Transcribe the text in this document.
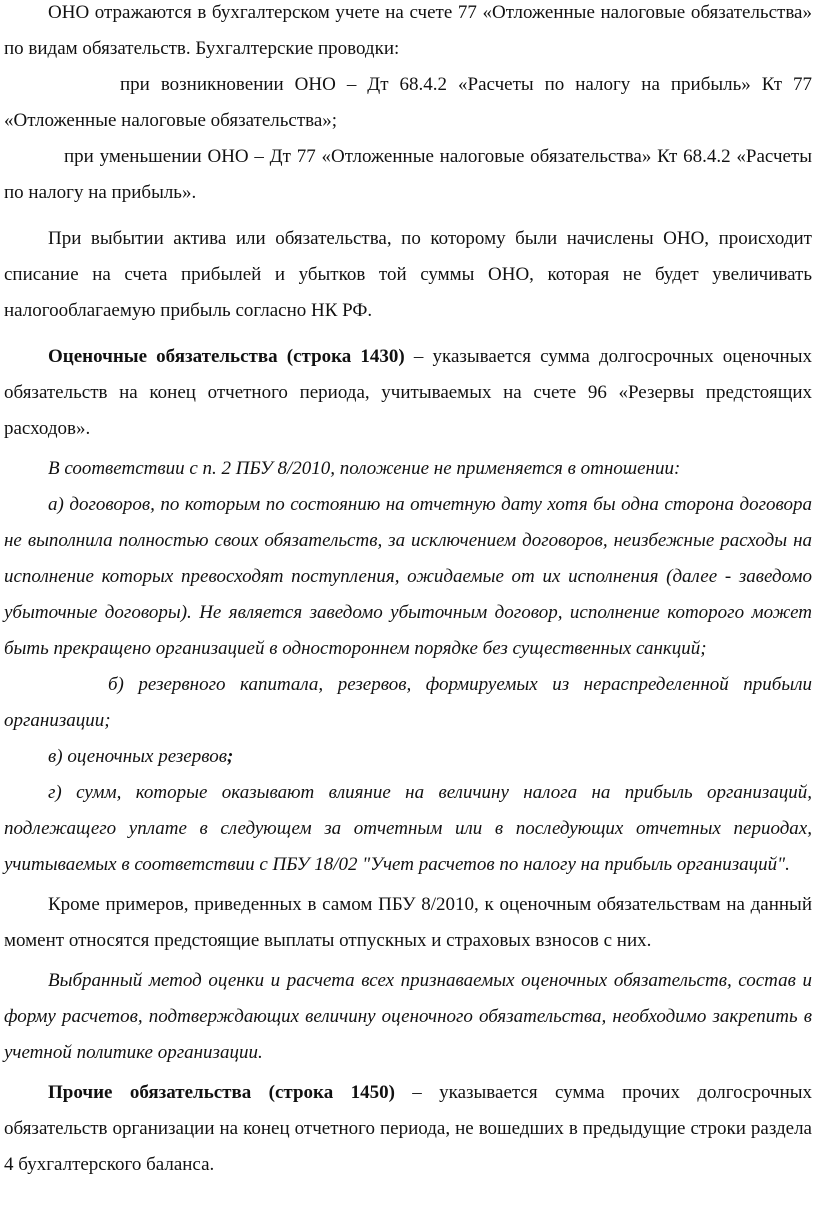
ОНО отражаются в бухгалтерском учете на счете 77 «Отложенные налоговые обязательства» по видам обязательств. Бухгалтерские проводки:

при возникновении ОНО – Дт 68.4.2 «Расчеты по налогу на прибыль» Кт 77 «Отложенные налоговые обязательства»;

при уменьшении ОНО – Дт 77 «Отложенные налоговые обязательства» Кт 68.4.2 «Расчеты по налогу на прибыль».

При выбытии актива или обязательства, по которому были начислены ОНО, происходит списание на счета прибылей и убытков той суммы ОНО, которая не будет увеличивать налогооблагаемую прибыль согласно НК РФ.

Оценочные обязательства (строка 1430) – указывается сумма долгосрочных оценочных обязательств на конец отчетного периода, учитываемых на счете 96 «Резервы предстоящих расходов».

В соответствии с п. 2 ПБУ 8/2010, положение не применяется в отношении:

а) договоров, по которым по состоянию на отчетную дату хотя бы одна сторона договора не выполнила полностью своих обязательств, за исключением договоров, неизбежные расходы на исполнение которых превосходят поступления, ожидаемые от их исполнения (далее - заведомо убыточные договоры). Не является заведомо убыточным договор, исполнение которого может быть прекращено организацией в одностороннем порядке без существенных санкций;

б) резервного капитала, резервов, формируемых из нераспределенной прибыли организации;

в) оценочных резервов;

г) сумм, которые оказывают влияние на величину налога на прибыль организаций, подлежащего уплате в следующем за отчетным или в последующих отчетных периодах, учитываемых в соответствии с ПБУ 18/02 "Учет расчетов по налогу на прибыль организаций".

Кроме примеров, приведенных в самом ПБУ 8/2010, к оценочным обязательствам на данный момент относятся предстоящие выплаты отпускных и страховых взносов с них.

Выбранный метод оценки и расчета всех признаваемых оценочных обязательств, состав и форму расчетов, подтверждающих величину оценочного обязательства, необходимо закрепить в учетной политике организации.

Прочие обязательства (строка 1450) – указывается сумма прочих долгосрочных обязательств организации на конец отчетного периода, не вошедших в предыдущие строки раздела 4 бухгалтерского баланса.
